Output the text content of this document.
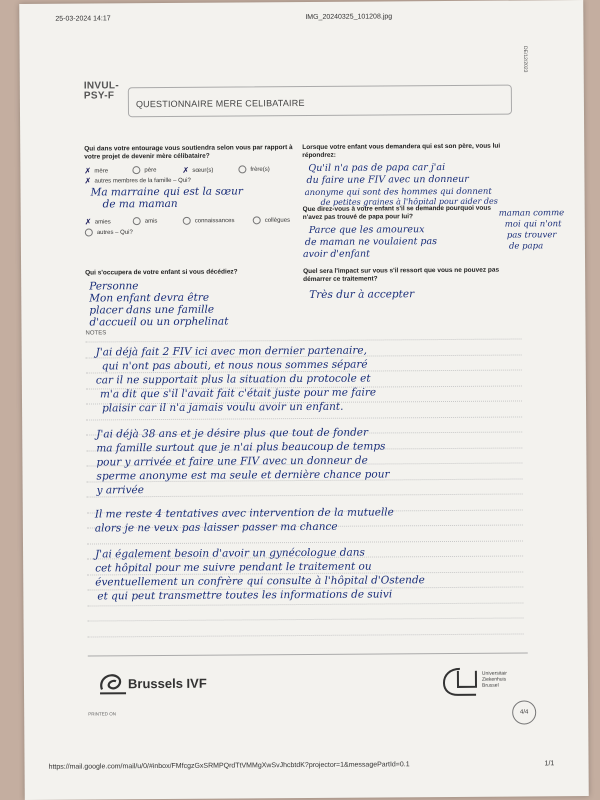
25-03-2024 14:17	IMG_20240325_101208.jpg
INVUL-
PSY-F
QUESTIONNAIRE MERE CELIBATAIRE
DE/12/2023
Qui dans votre entourage vous soutiendra selon vous par rapport à votre projet de devenir mère célibataire?
✗ mère	père	✗ sœur(s)	frère(s)
✗ autres membres de la famille – Qui?
Ma marraine qui est la sœur
de ma maman
✗ amies	amis	connaissances	collègues
autres – Qui?
Lorsque votre enfant vous demandera qui est son père, vous lui répondrez:
Qu'il n'a pas de papa car j'ai
du faire une FIV avec un donneur
anonyme qui sont des hommes qui donnent
de petites graines à l'hôpital pour aider des
maman comme
moi qui n'ont
pas trouver
de papa
Que direz-vous à votre enfant s'il se demande pourquoi vous n'avez pas trouvé de papa pour lui?
Parce que les amoureux
de maman ne voulaient pas
avoir d'enfant
Qui s'occupera de votre enfant si vous décédiez?
Personne
Mon enfant devra être
placer dans une famille
d'accueil ou un orphelinat
Quel sera l'impact sur vous s'il ressort que vous ne pouvez pas démarrer ce traitement?
Très dur à accepter
NOTES
J'ai déjà fait 2 FIV ici avec mon dernier partenaire,
qui n'ont pas abouti, et nous nous sommes séparé
car il ne supportait plus la situation du protocole et
m'a dit que s'il l'avait fait c'était juste pour me faire
plaisir car il n'a jamais voulu avoir un enfant.
J'ai déjà 38 ans et je désire plus que tout de fonder
ma famille surtout que je n'ai plus beaucoup de temps
pour y arrivée et faire une FIV avec un donneur de
sperme anonyme est ma seule et dernière chance pour
y arrivée
Il me reste 4 tentatives avec intervention de la mutuelle
alors je ne veux pas laisser passer ma chance
J'ai également besoin d'avoir un gynécologue dans
cet hôpital pour me suivre pendant le traitement ou
éventuellement un confrère qui consulte à l'hôpital d'Ostende
et qui peut transmettre toutes les informations de suivi
Brussels IVF
Universitair
Ziekenhuis
Brussel
PRINTED ON	4/4
https://mail.google.com/mail/u/0/#inbox/FMfcgzGxSRMPQrdTtVMMgXwSvJhcbtdK?projector=1&messagePartId=0.1	1/1
